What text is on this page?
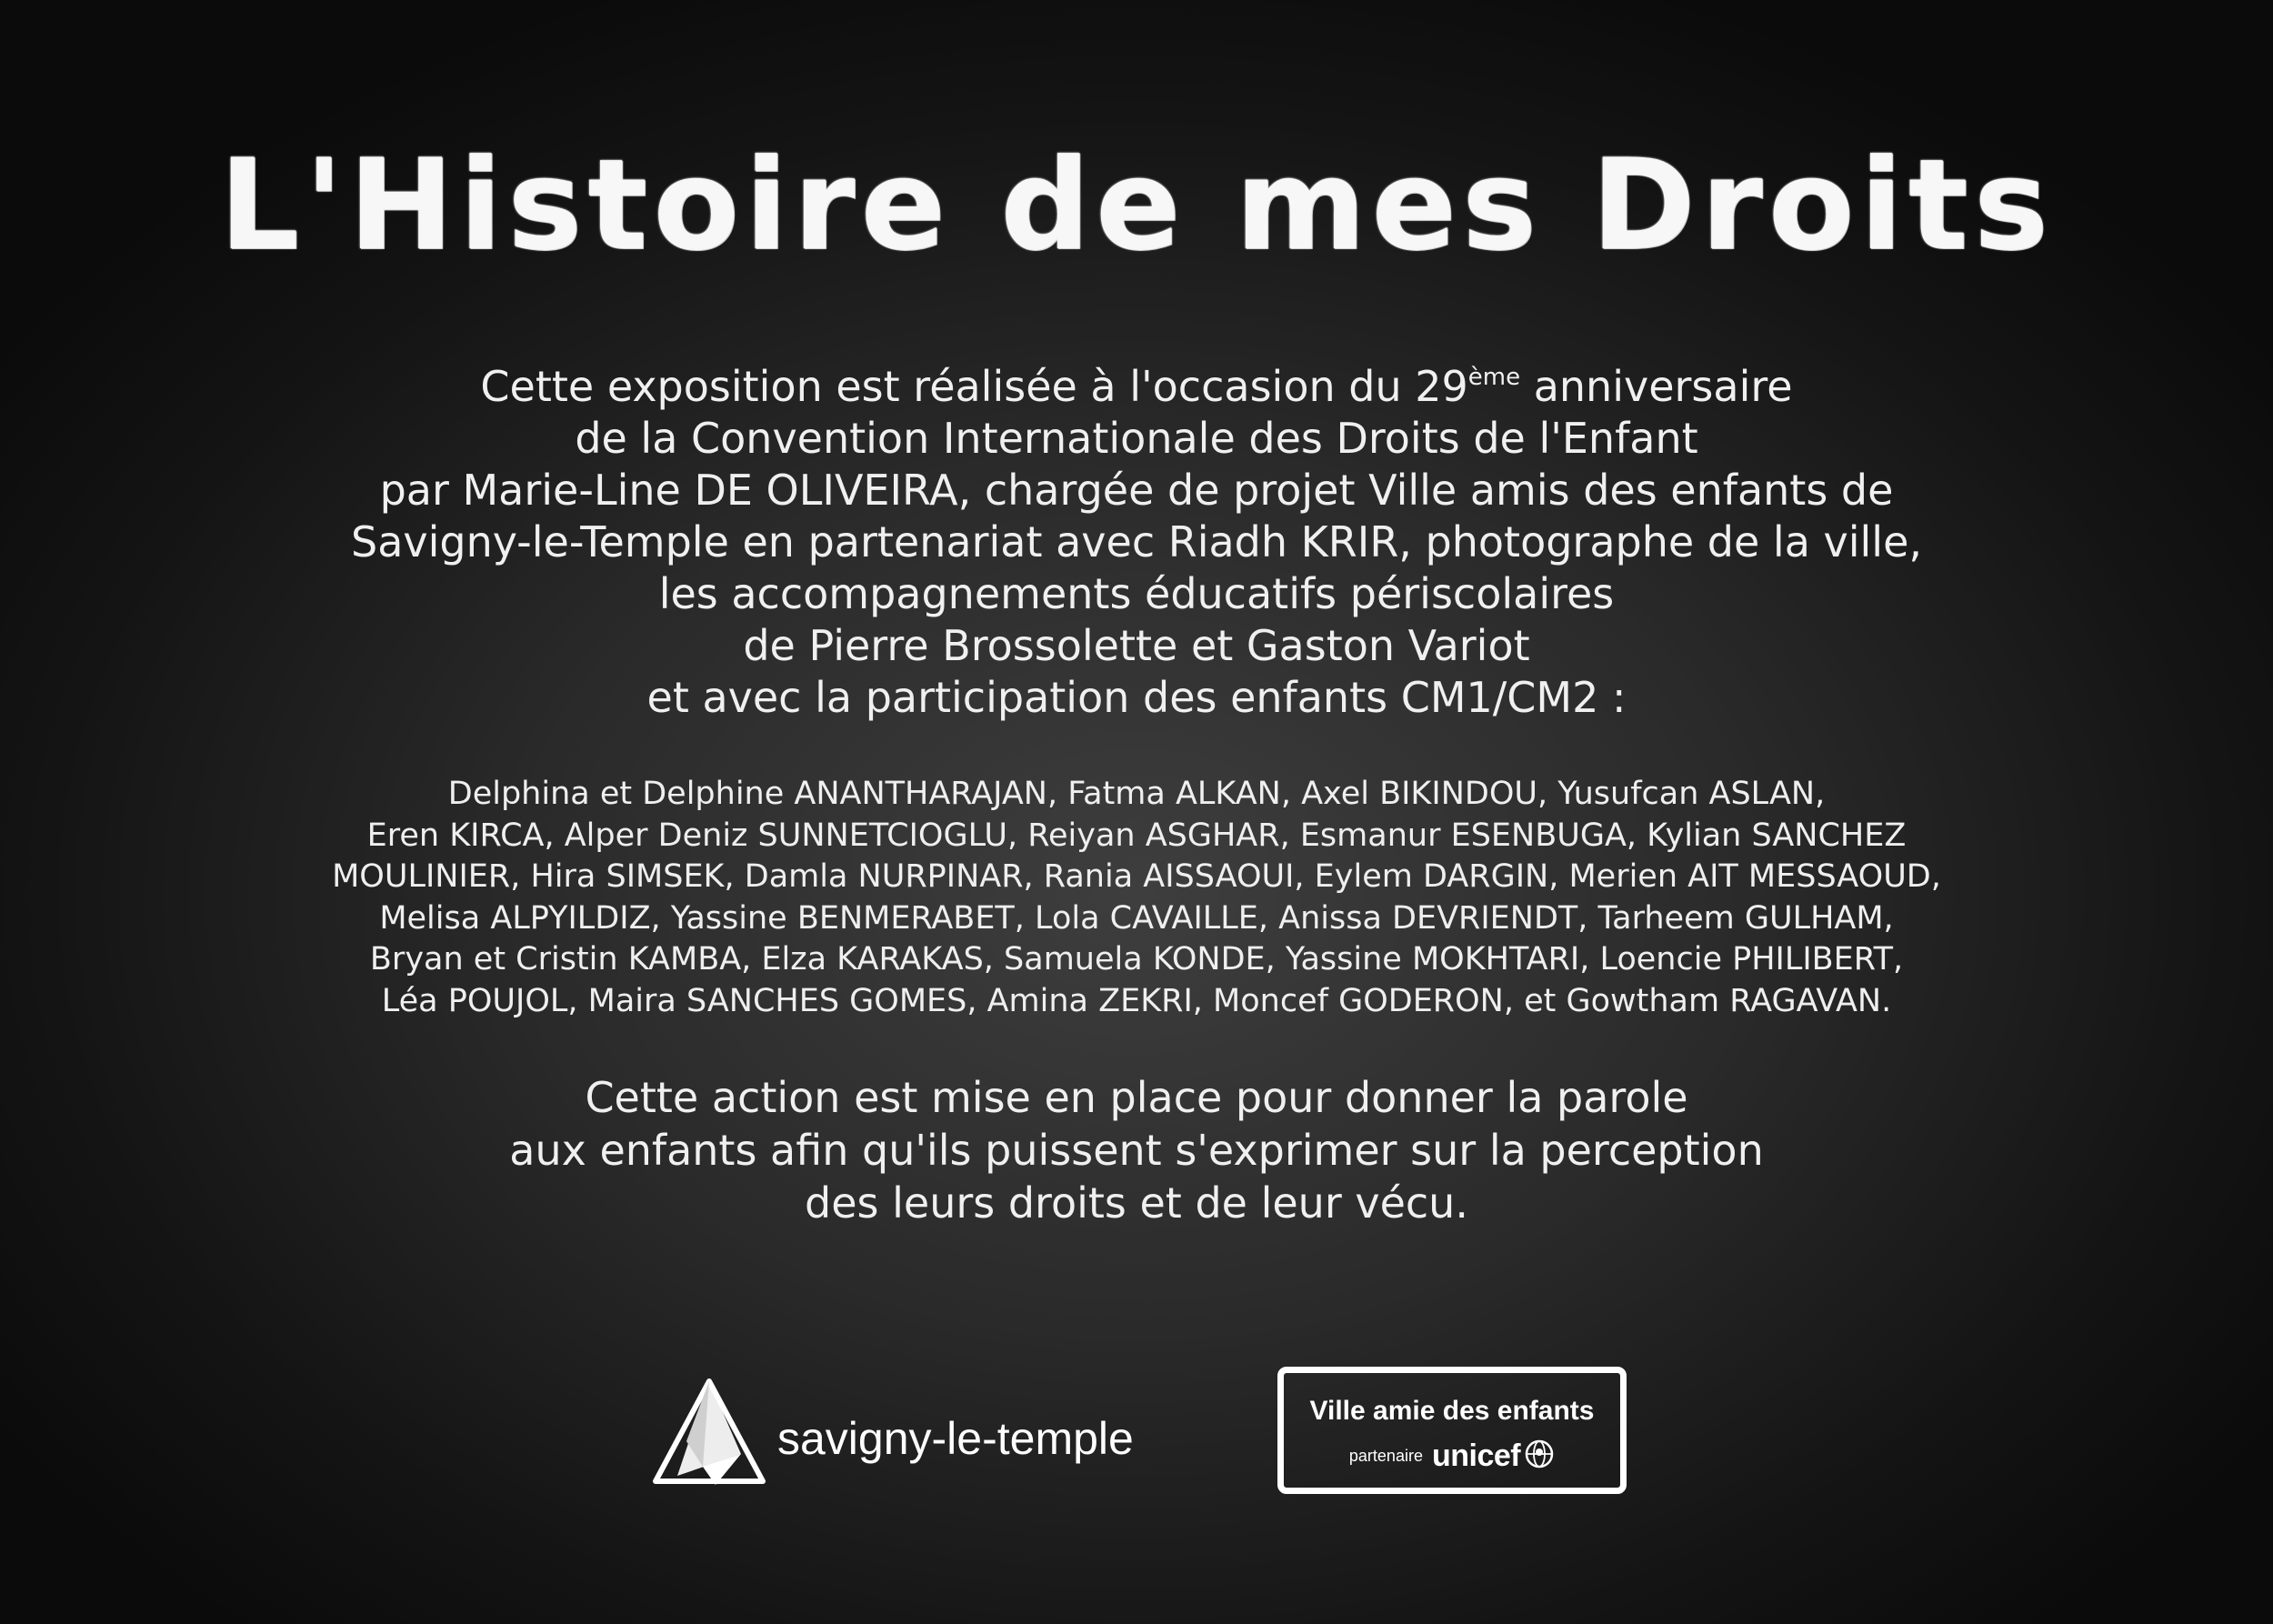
L'Histoire de mes Droits
Cette exposition est réalisée à l'occasion du 29ème anniversaire
de la Convention Internationale des Droits de l'Enfant
par Marie-Line DE OLIVEIRA, chargée de projet Ville amis des enfants de
Savigny-le-Temple en partenariat avec Riadh KRIR, photographe de la ville,
les accompagnements éducatifs périscolaires
de Pierre Brossolette et Gaston Variot
et avec la participation des enfants CM1/CM2 :
Delphina et Delphine ANANTHARAJAN, Fatma ALKAN, Axel BIKINDOU, Yusufcan ASLAN,
Eren KIRCA, Alper Deniz SUNNETCIOGLU, Reiyan ASGHAR, Esmanur ESENBUGA, Kylian SANCHEZ
MOULINIER, Hira SIMSEK, Damla NURPINAR, Rania AISSAOUI, Eylem DARGIN, Merien AIT MESSAOUD,
Melisa ALPYILDIZ, Yassine BENMERABET, Lola CAVAILLE, Anissa DEVRIENDT, Tarheem GULHAM,
Bryan et Cristin KAMBA, Elza KARAKAS, Samuela KONDE, Yassine MOKHTARI, Loencie PHILIBERT,
Léa POUJOL, Maira SANCHES GOMES, Amina ZEKRI, Moncef GODERON, et Gowtham RAGAVAN.
Cette action est mise en place pour donner la parole
aux enfants afin qu'ils puissent s'exprimer sur la perception
des leurs droits et de leur vécu.
savigny-le-temple
Ville amie des enfants
partenaire unicef
